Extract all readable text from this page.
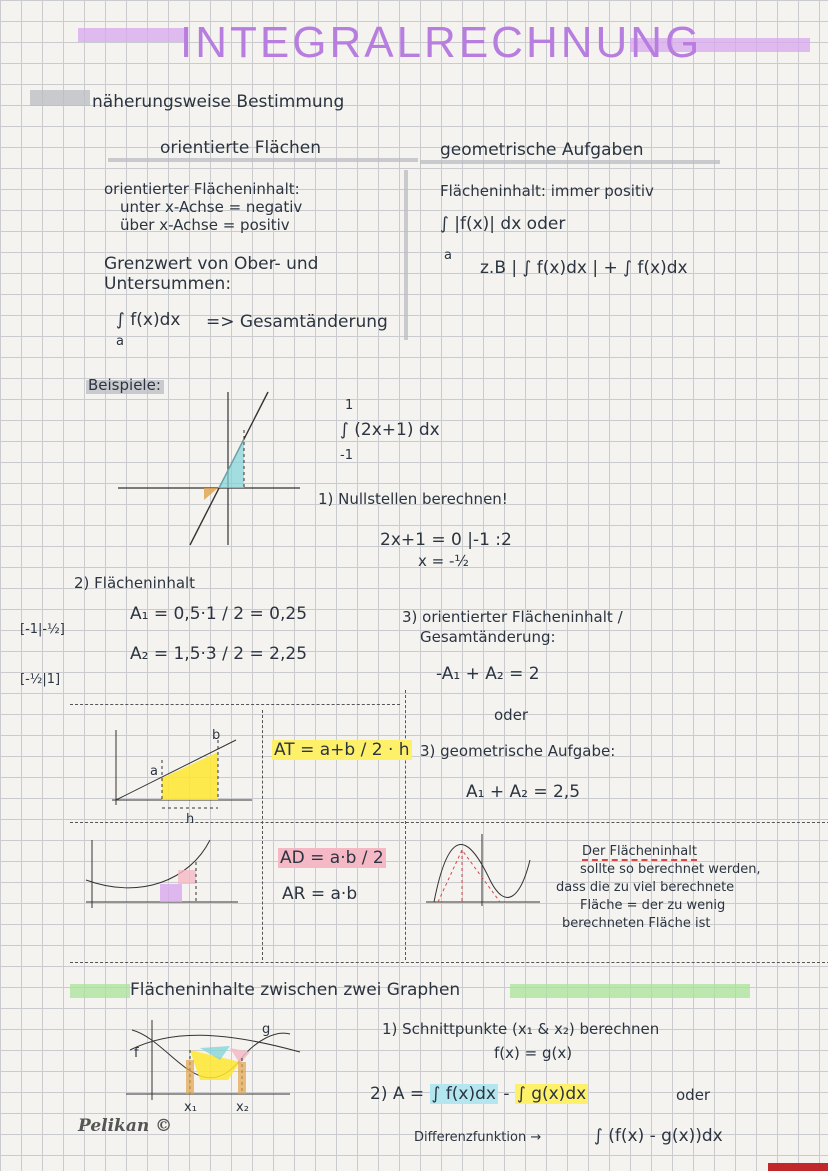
INTEGRALRECHNUNG
näherungsweise Bestimmung
orientierte Flächen
orientierter Flächeninhalt:
unter x-Achse = negativ
über x-Achse = positiv
Grenzwert von Ober- und
Untersummen:
∫ f(x)dx
a
=> Gesamtänderung
geometrische Aufgaben
Flächeninhalt: immer positiv
∫ |f(x)| dx oder
a
z.B | ∫ f(x)dx | + ∫ f(x)dx
Beispiele:
1
∫ (2x+1) dx
-1
1) Nullstellen berechnen!
2x+1 = 0 |-1 :2
x = -½
2) Flächeninhalt
[-1|-½]
[-½|1]
A₁ = 0,5·1 / 2 = 0,25
A₂ = 1,5·3 / 2 = 2,25
3) orientierter Flächeninhalt /
Gesamtänderung:
-A₁ + A₂ = 2
oder
3) geometrische Aufgabe:
A₁ + A₂ = 2,5
a
b
h
AT = a+b / 2 · h
AD = a·b / 2
AR = a·b
Der Flächeninhalt
sollte so berechnet werden,
dass die zu viel berechnete
Fläche = der zu wenig
berechneten Fläche ist
Flächeninhalte zwischen zwei Graphen
f
g
x₁	x₂
1) Schnittpunkte (x₁ & x₂) berechnen
f(x) = g(x)
2) A = ∫ f(x)dx - ∫ g(x)dx	oder
Differenzfunktion →	∫ (f(x) - g(x))dx
Pelikan ©
